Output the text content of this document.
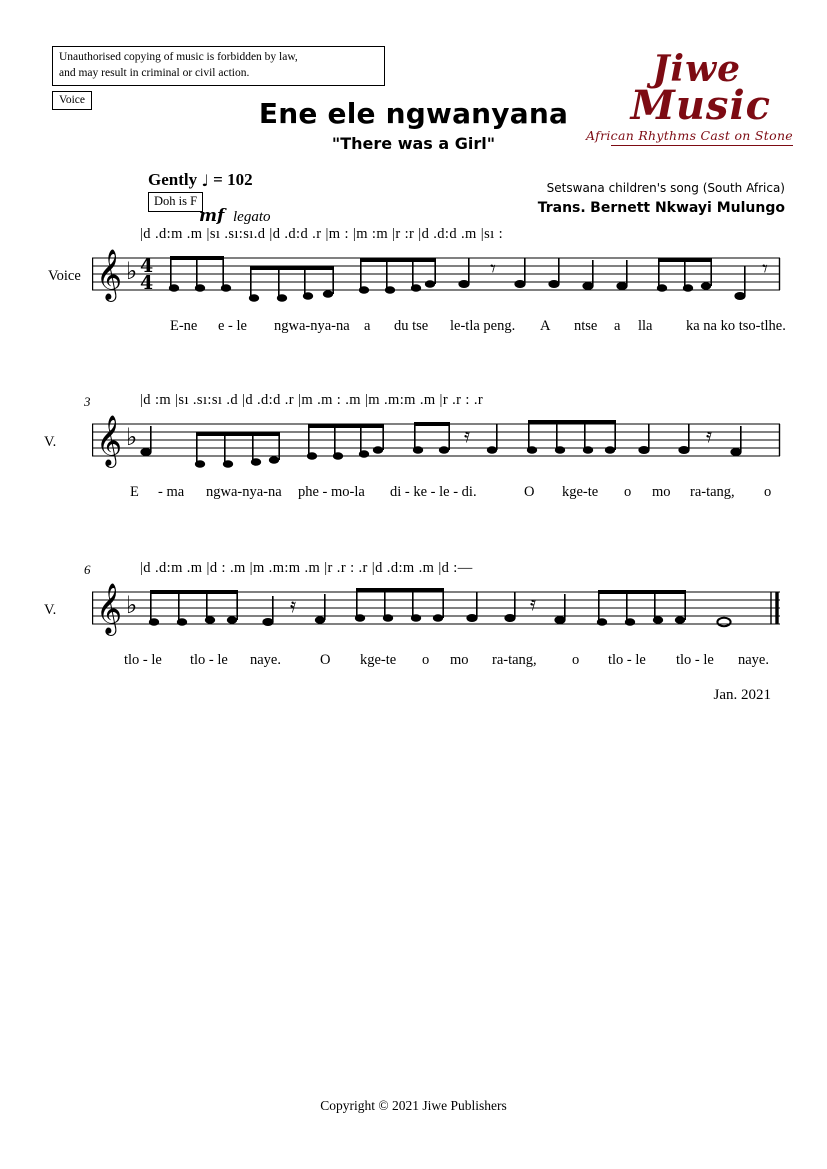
Unauthorised copying of music is forbidden by law,
and may result in criminal or civil action.
Voice	Ene ele ngwanyana
"There was a Girl"
Jiwe
Music
African Rhythms Cast on Stone
Setswana children's song (South Africa)
Trans. Bernett Nkwayi Mulungo
Gently ♩ = 102
Doh is F
mf legato
|d .d:m .m |sı .sı:sı.d |d .d:d .r |m : |m :m |r :r |d .d:d .m |sı :
Voice 𝄞 ♭ 4
4
𝄾	𝄾
E-ne e - le ngwa-nya-na a du tse le-tla peng. A ntse a lla ka na ko tso-tlhe.
3	|d :m |sı .sı:sı .d |d .d:d .r |m .m : .m |m .m:m .m |r .r : .r
V. 𝄞 ♭	𝄿	𝄿
E - ma ngwa-nya-na phe - mo-la di - ke - le - di.	O kge-te o mo ra-tang, o
6	|d .d:m .m |d : .m |m .m:m .m |r .r : .r |d .d:m .m |d :—
V. 𝄞 ♭	𝄿	𝄿
tlo - le tlo - le naye.	O kge-te o mo ra-tang, o tlo - le tlo - le naye.
Jan. 2021
Copyright © 2021 Jiwe Publishers
